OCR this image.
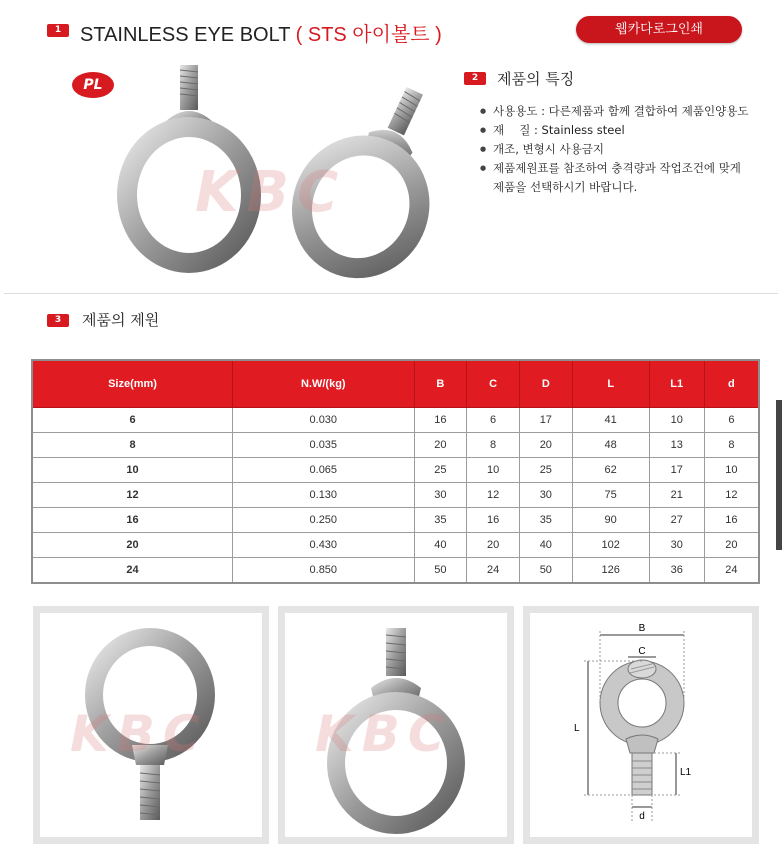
1 STAINLESS EYE BOLT ( STS 아이볼트 )	웹카다로그인쇄
PL
KBC
2	제품의 특징
● 사용용도 : 다른제품과 함께 결합하여 제품인양용도
● 재　 질 : Stainless steel
● 개조, 변형시 사용금지
● 제품제원표를 참조하여 충격량과 작업조건에 맞게
제품을 선택하시기 바랍니다.
3	제품의 제원
Size(mm)	N.W/(kg)	B	C	D	L	L1	d
6	0.030	16	6	17	41	10	6
8	0.035	20	8	20	48	13	8
10	0.065	25	10	25	62	17	10
12	0.130	30	12	30	75	21	12
16	0.250	35	16	35	90	27	16
20	0.430	40	20	40	102	30	20
24	0.850	50	24	50	126	36	24
KBC KBC
B
C
L
L1
d
